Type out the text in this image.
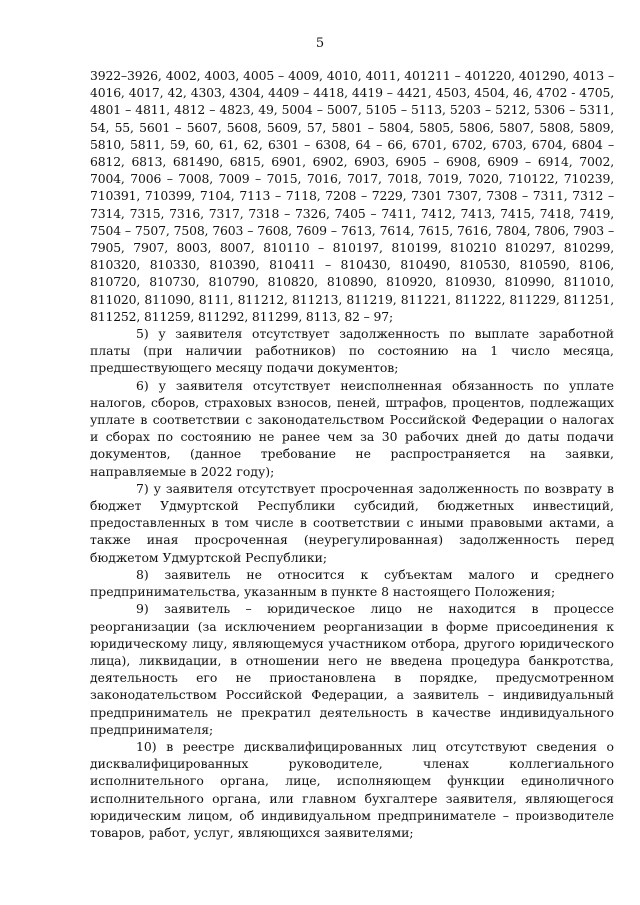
5

3922–3926, 4002, 4003, 4005 – 4009, 4010, 4011, 401211 – 401220, 401290, 4013 – 4016, 4017, 42, 4303, 4304, 4409 – 4418, 4419 – 4421, 4503, 4504, 46, 4702 - 4705, 4801 – 4811, 4812 – 4823, 49, 5004 – 5007, 5105 – 5113, 5203 – 5212, 5306 – 5311, 54, 55, 5601 – 5607, 5608, 5609, 57, 5801 – 5804, 5805, 5806, 5807, 5808, 5809, 5810, 5811, 59, 60, 61, 62, 6301 – 6308, 64 – 66, 6701, 6702, 6703, 6704, 6804 – 6812, 6813, 681490, 6815, 6901, 6902, 6903, 6905 – 6908, 6909 – 6914, 7002, 7004, 7006 – 7008, 7009 – 7015, 7016, 7017, 7018, 7019, 7020, 710122, 710239, 710391, 710399, 7104, 7113 – 7118, 7208 – 7229, 7301 7307, 7308 – 7311, 7312 – 7314, 7315, 7316, 7317, 7318 – 7326, 7405 – 7411, 7412, 7413, 7415, 7418, 7419, 7504 – 7507, 7508, 7603 – 7608, 7609 – 7613, 7614, 7615, 7616, 7804, 7806, 7903 – 7905, 7907, 8003, 8007, 810110 – 810197, 810199, 810210 810297, 810299, 810320, 810330, 810390, 810411 – 810430, 810490, 810530, 810590, 8106, 810720, 810730, 810790, 810820, 810890, 810920, 810930, 810990, 811010, 811020, 811090, 8111, 811212, 811213, 811219, 811221, 811222, 811229, 811251, 811252, 811259, 811292, 811299, 8113, 82 – 97;

5) у заявителя отсутствует задолженность по выплате заработной платы (при наличии работников) по состоянию на 1 число месяца, предшествующего месяцу подачи документов;

6) у заявителя отсутствует неисполненная обязанность по уплате налогов, сборов, страховых взносов, пеней, штрафов, процентов, подлежащих уплате в соответствии с законодательством Российской Федерации о налогах и сборах по состоянию не ранее чем за 30 рабочих дней до даты подачи документов, (данное требование не распространяется на заявки, направляемые в 2022 году);

7) у заявителя отсутствует просроченная задолженность по возврату в бюджет Удмуртской Республики субсидий, бюджетных инвестиций, предоставленных в том числе в соответствии с иными правовыми актами, а также иная просроченная (неурегулированная) задолженность перед бюджетом Удмуртской Республики;

8) заявитель не относится к субъектам малого и среднего предпринимательства, указанным в пункте 8 настоящего Положения;

9) заявитель – юридическое лицо не находится в процессе реорганизации (за исключением реорганизации в форме присоединения к юридическому лицу, являющемуся участником отбора, другого юридического лица), ликвидации, в отношении него не введена процедура банкротства, деятельность его не приостановлена в порядке, предусмотренном законодательством Российской Федерации, а заявитель – индивидуальный предприниматель не прекратил деятельность в качестве индивидуального предпринимателя;

10) в реестре дисквалифицированных лиц отсутствуют сведения о дисквалифицированных руководителе, членах коллегиального исполнительного органа, лице, исполняющем функции единоличного исполнительного органа, или главном бухгалтере заявителя, являющегося юридическим лицом, об индивидуальном предпринимателе – производителе товаров, работ, услуг, являющихся заявителями;
